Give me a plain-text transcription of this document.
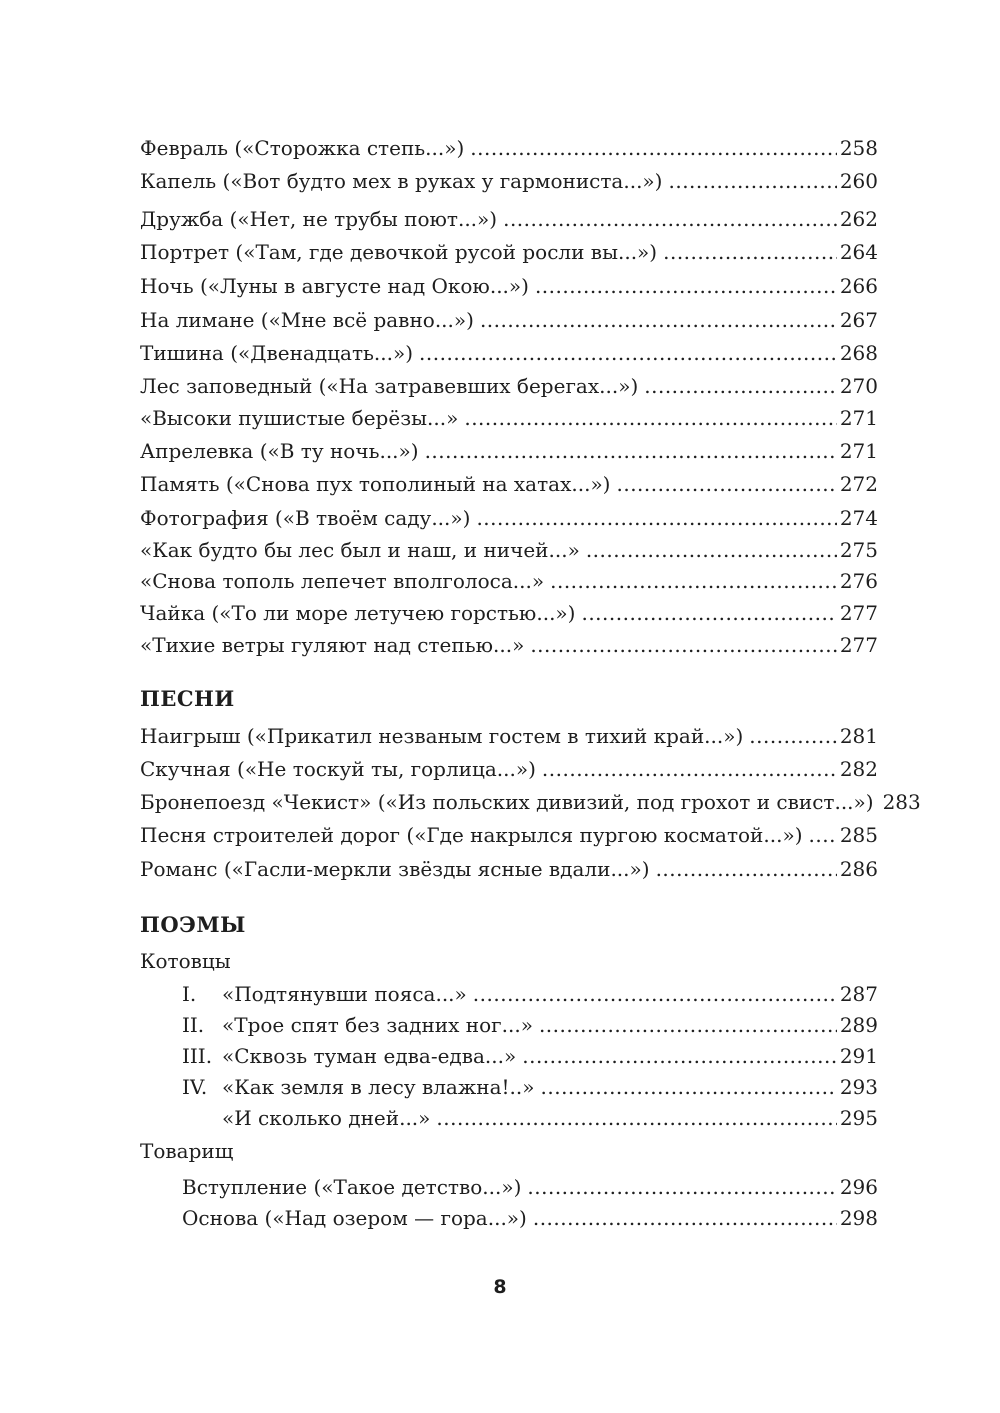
Февраль («Сторожка степь...») .....	258
Капель («Вот будто мех в руках у гармониста...») .....	260
Дружба («Нет, не трубы поют...») .....	262
Портрет («Там, где девочкой русой росли вы...») .....	264
Ночь («Луны в августе над Окою...») .....	266
На лимане («Мне всё равно...») .....	267
Тишина («Двенадцать...») .....	268
Лес заповедный («На затравевших берегах...») .....	270
«Высоки пушистые берёзы...» .....	271
Апрелевка («В ту ночь...») .....	271
Память («Снова пух тополиный на хатах...») .....	272
Фотография («В твоём саду...») .....	274
«Как будто бы лес был и наш, и ничей...» .....	275
«Снова тополь лепечет вполголоса...» .....	276
Чайка («То ли море летучею горстью...») .....	277
«Тихие ветры гуляют над степью...» .....	277
ПЕСНИ
Наигрыш («Прикатил незваным гостем в тихий край...») .....	281
Скучная («Не тоскуй ты, горлица...») .....	282
Бронепоезд «Чекист» («Из польских дивизий, под грохот и свист...») 283
Песня строителей дорог («Где накрылся пургою косматой...») ..... 285
Романс («Гасли-меркли звёзды ясные вдали...») .....	286
ПОЭМЫ
Котовцы
I.	«Подтянувши пояса...» .....	287
II. «Трое спят без задних ног...» .....	289
III. «Сквозь туман едва-едва...» .....	291
IV. «Как земля в лесу влажна!..» .....	293
«И сколько дней...» .....	295
Товарищ
Вступление («Такое детство...») .....	296
Основа («Над озером — гора...») .....	298
8
